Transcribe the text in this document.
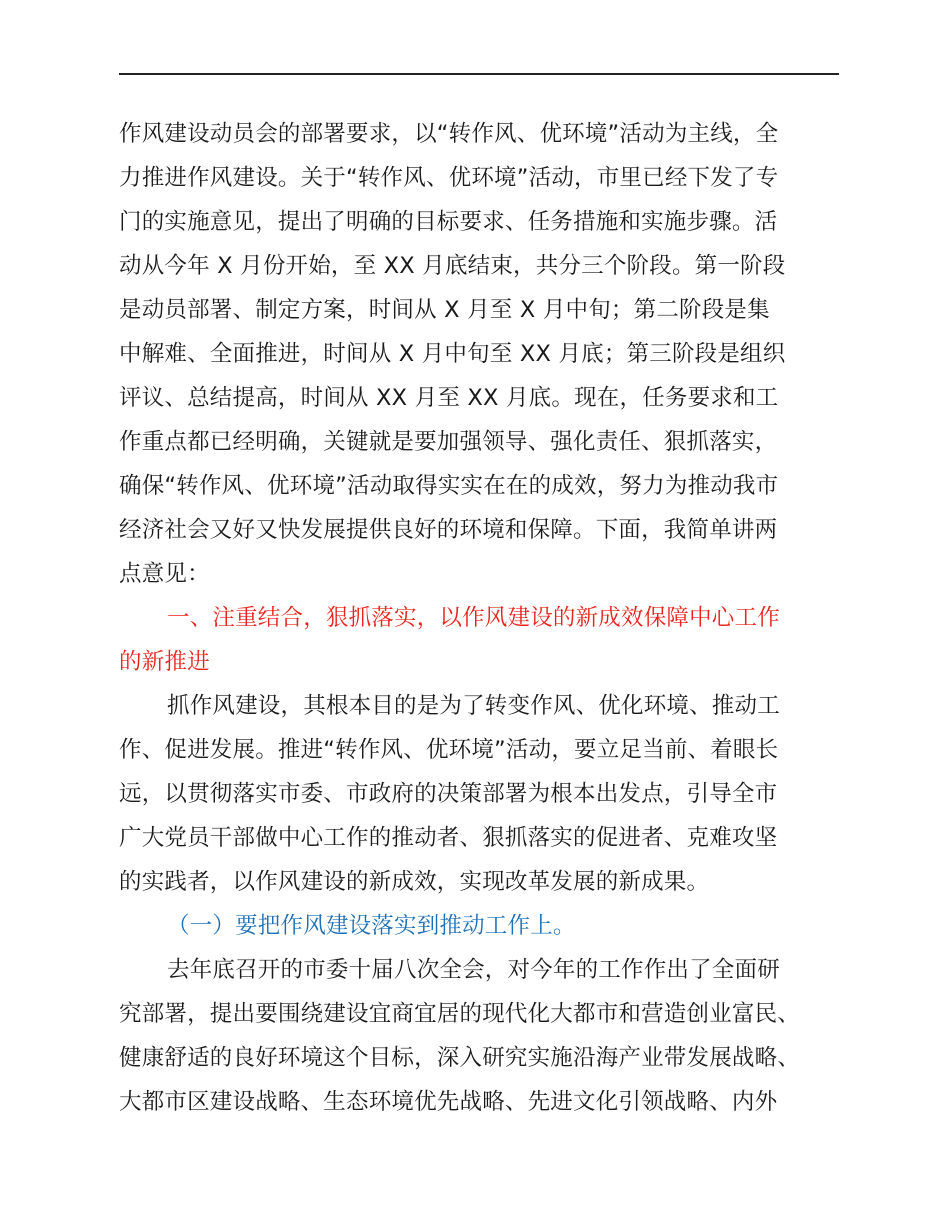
作风建设动员会的部署要求，以“转作风、优环境”活动为主线，全
力推进作风建设。关于“转作风、优环境”活动，市里已经下发了专
门的实施意见，提出了明确的目标要求、任务措施和实施步骤。活
动从今年 X 月份开始，至 XX 月底结束，共分三个阶段。第一阶段
是动员部署、制定方案，时间从 X 月至 X 月中旬；第二阶段是集
中解难、全面推进，时间从 X 月中旬至 XX 月底；第三阶段是组织
评议、总结提高，时间从 XX 月至 XX 月底。现在，任务要求和工
作重点都已经明确，关键就是要加强领导、强化责任、狠抓落实，
确保“转作风、优环境”活动取得实实在在的成效，努力为推动我市
经济社会又好又快发展提供良好的环境和保障。下面，我简单讲两
点意见：
一、注重结合，狠抓落实，以作风建设的新成效保障中心工作
的新推进
抓作风建设，其根本目的是为了转变作风、优化环境、推动工
作、促进发展。推进“转作风、优环境”活动，要立足当前、着眼长
远，以贯彻落实市委、市政府的决策部署为根本出发点，引导全市
广大党员干部做中心工作的推动者、狠抓落实的促进者、克难攻坚
的实践者，以作风建设的新成效，实现改革发展的新成果。
（一）要把作风建设落实到推动工作上。
去年底召开的市委十届八次全会，对今年的工作作出了全面研
究部署，提出要围绕建设宜商宜居的现代化大都市和营造创业富民、
健康舒适的良好环境这个目标，深入研究实施沿海产业带发展战略、
大都市区建设战略、生态环境优先战略、先进文化引领战略、内外
